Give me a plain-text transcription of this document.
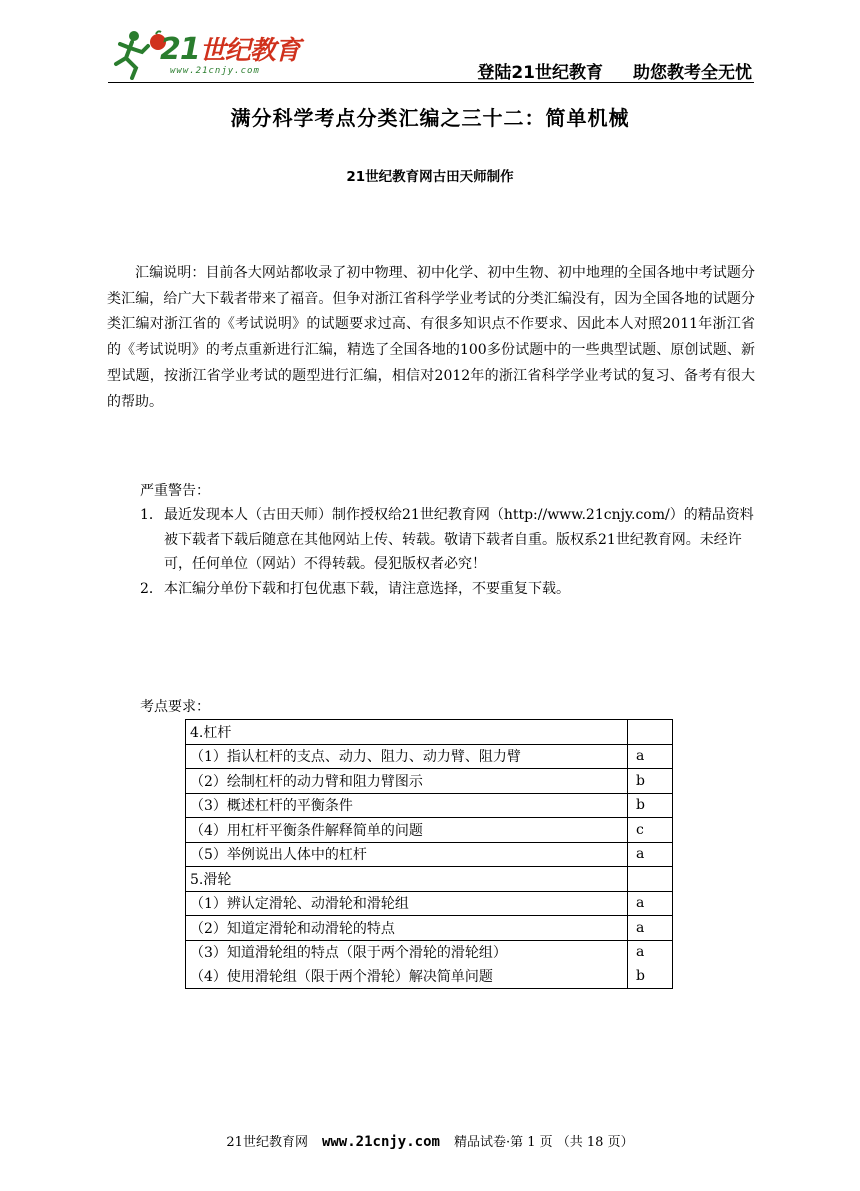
21世纪教育
www.21cnjy.com	登陆21世纪教育 助您教考全无忧
满分科学考点分类汇编之三十二：简单机械
21世纪教育网古田天师制作

汇编说明：目前各大网站都收录了初中物理、初中化学、初中生物、初中地理的全国各地中考试题分类汇编，给广大下载者带来了福音。但争对浙江省科学学业考试的分类汇编没有，因为全国各地的试题分类汇编对浙江省的《考试说明》的试题要求过高、有很多知识点不作要求、因此本人对照2011年浙江省的《考试说明》的考点重新进行汇编，精选了全国各地的100多份试题中的一些典型试题、原创试题、新型试题，按浙江省学业考试的题型进行汇编，相信对2012年的浙江省科学学业考试的复习、备考有很大的帮助。

严重警告：
1． 最近发现本人（古田天师）制作授权给21世纪教育网（http://www.21cnjy.com/）的精品资料被下载者下载后随意在其他网站上传、转载。敬请下载者自重。版权系21世纪教育网。未经许可，任何单位（网站）不得转载。侵犯版权者必究！
2． 本汇编分单份下载和打包优惠下载，请注意选择，不要重复下载。
考点要求：
4.杠杆	
（1）指认杠杆的支点、动力、阻力、动力臂、阻力臂	a
（2）绘制杠杆的动力臂和阻力臂图示	b
（3）概述杠杆的平衡条件	b
（4）用杠杆平衡条件解释简单的问题	c
（5）举例说出人体中的杠杆	a
5.滑轮	
（1）辨认定滑轮、动滑轮和滑轮组	a
（2）知道定滑轮和动滑轮的特点	a
（3）知道滑轮组的特点（限于两个滑轮的滑轮组）	a
（4）使用滑轮组（限于两个滑轮）解决简单问题	b
21世纪教育网 www.21cnjy.com 精品试卷·第 1 页 （共 18 页）
